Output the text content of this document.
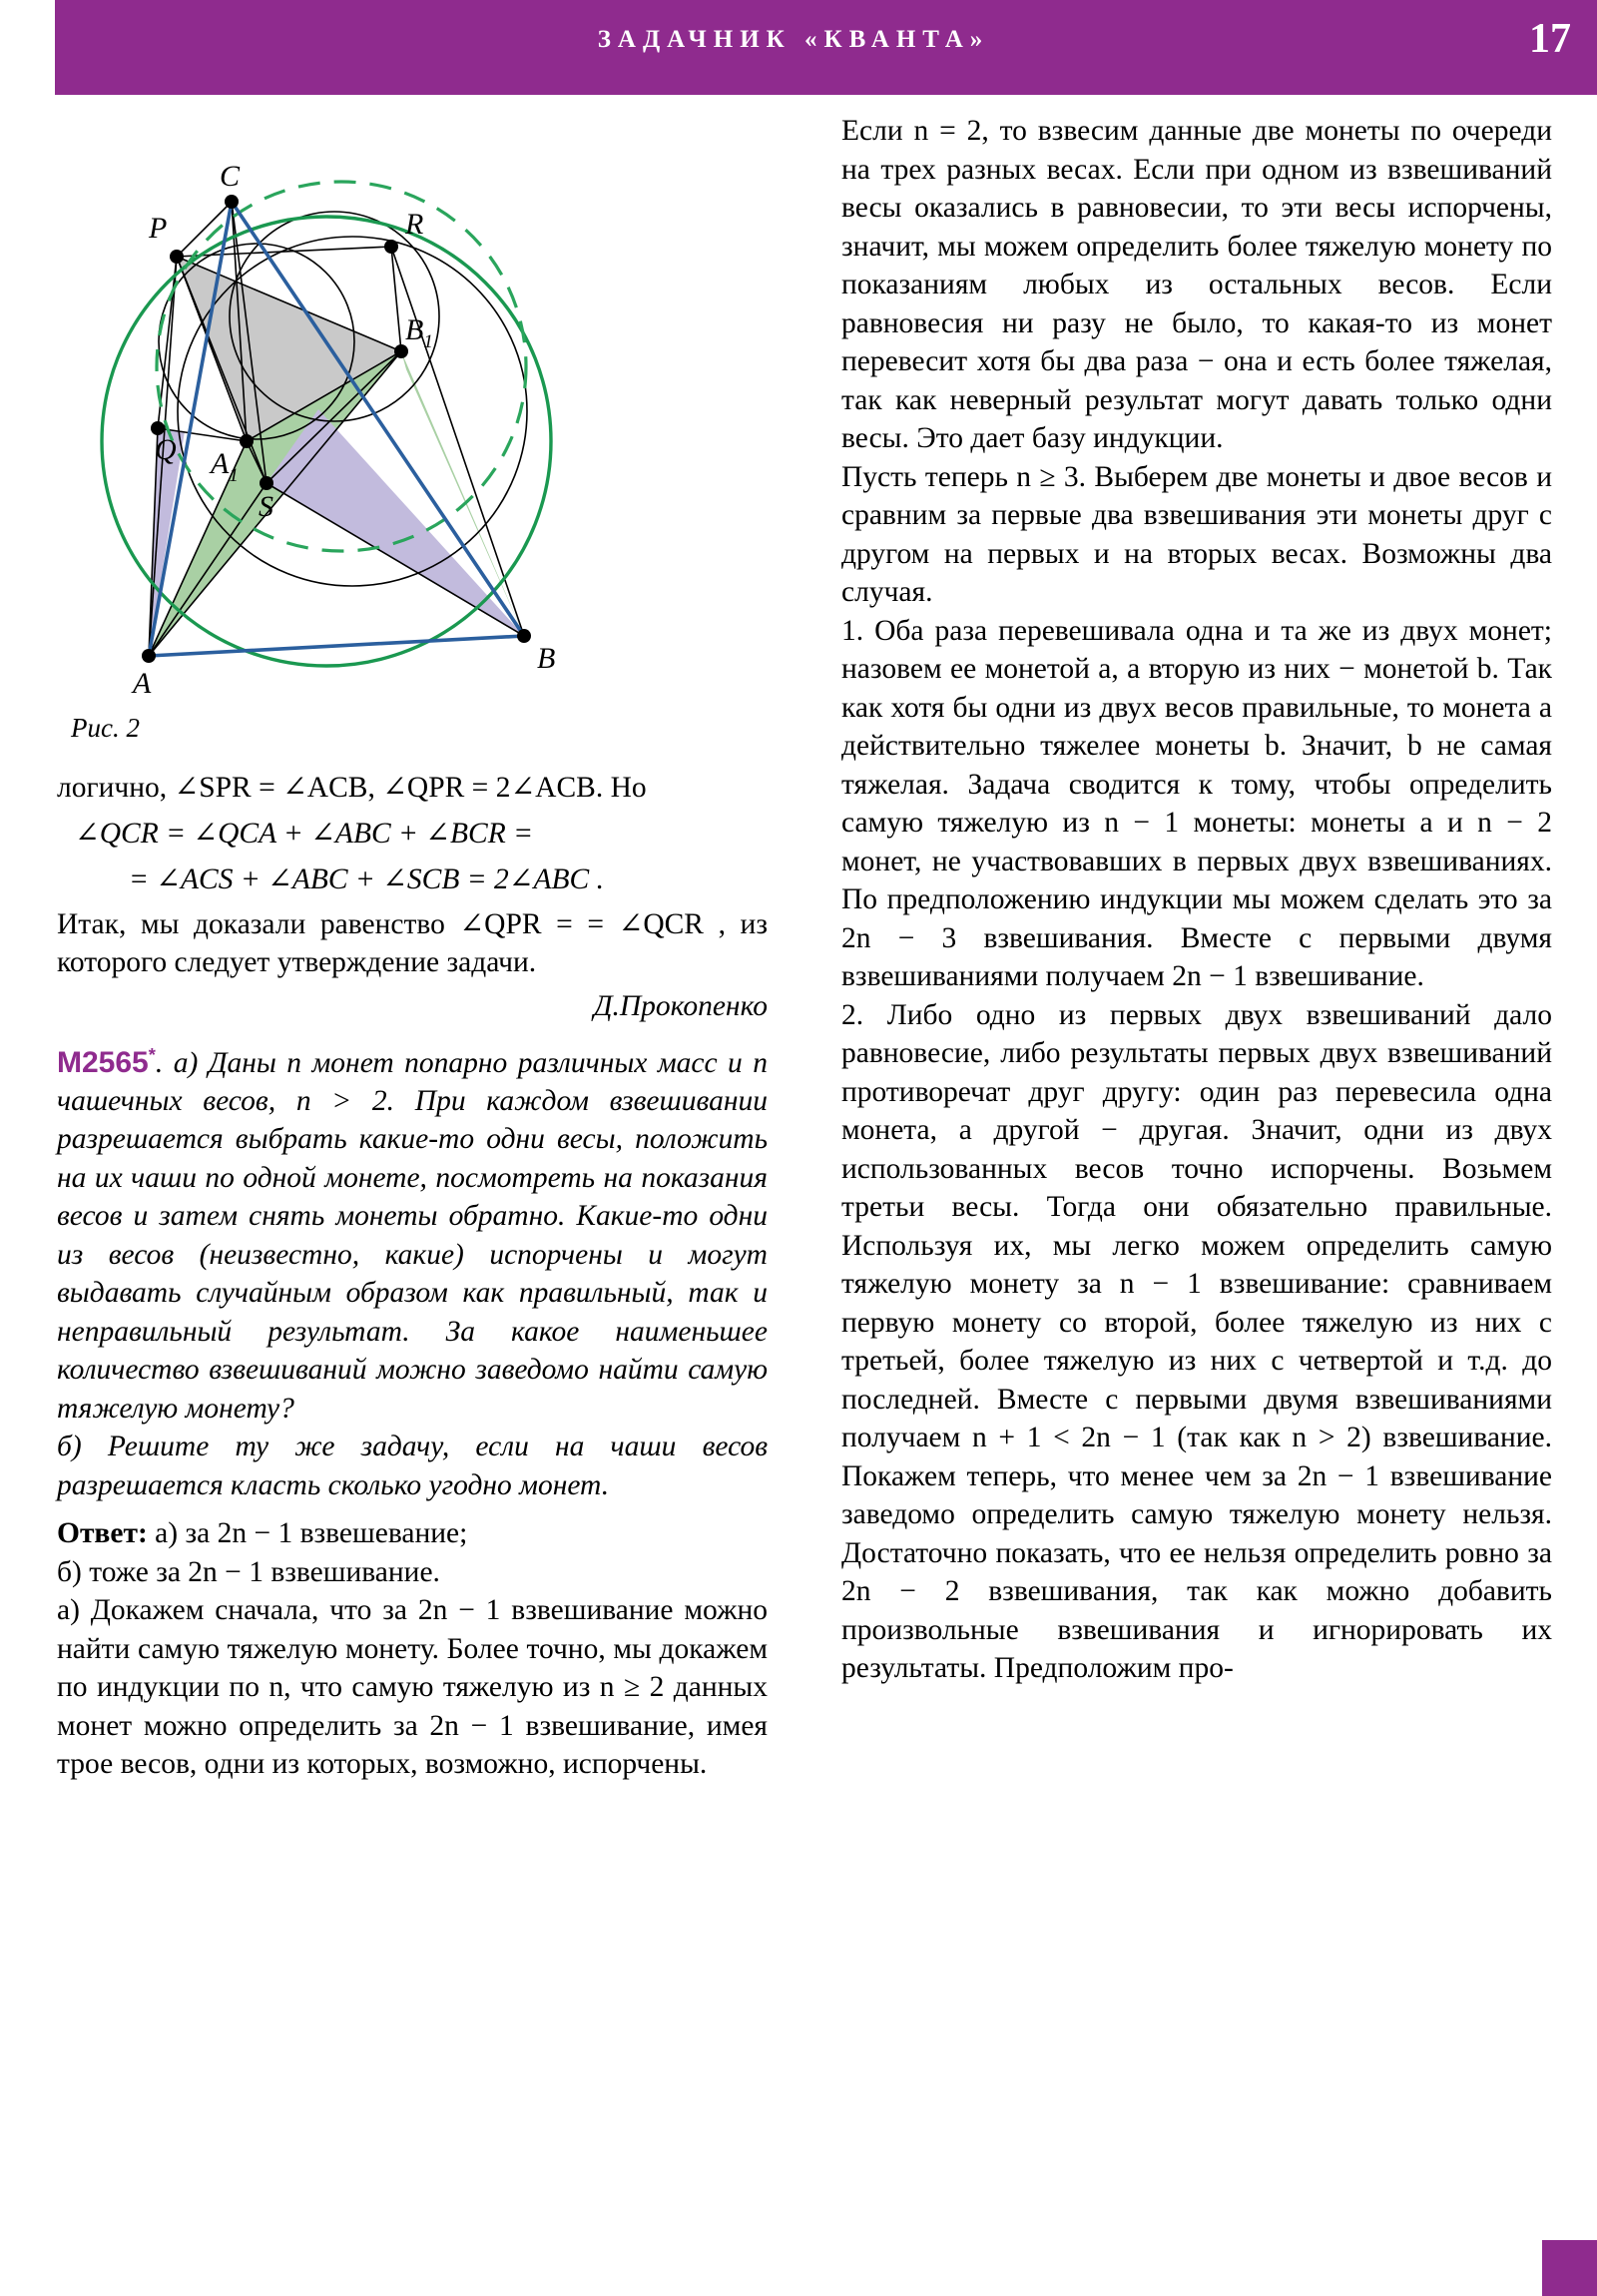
ЗАДАЧНИК «КВАНТА»	17
C
P	R
$B_1$
Q $A_1$
S
A
B
Рис. 2

логично, ∠SPR = ∠ACB, ∠QPR = 2∠ACB. Но

∠QCR = ∠QCA + ∠ABC + ∠BCR =
= ∠ACS + ∠ABC + ∠SCB = 2∠ABC .

Итак, мы доказали равенство ∠QPR = = ∠QCR , из которого следует утверждение задачи.

Д.Прокопенко

M2565*. а) Даны n монет попарно различных масс и n чашечных весов, n > 2. При каждом взвешивании разрешается выбрать какие-то одни весы, положить на их чаши по одной монете, посмотреть на показания весов и затем снять монеты обратно. Какие-то одни из весов (неизвестно, какие) испорчены и могут выдавать случайным образом как правильный, так и неправильный результат. За какое наименьшее количество взвешиваний можно заведомо найти самую тяжелую монету?

б) Решите ту же задачу, если на чаши весов разрешается класть сколько угодно монет.

Ответ: а) за 2n − 1 взвешевание;

б) тоже за 2n − 1 взвешивание.

а) Докажем сначала, что за 2n − 1 взвешивание можно найти самую тяжелую монету. Более точно, мы докажем по индукции по n, что самую тяжелую из n ≥ 2 данных монет можно определить за 2n − 1 взвешивание, имея трое весов, одни из которых, возможно, испорчены.

Если n = 2, то взвесим данные две монеты по очереди на трех разных весах. Если при одном из взвешиваний весы оказались в равновесии, то эти весы испорчены, значит, мы можем определить более тяжелую монету по показаниям любых из остальных весов. Если равновесия ни разу не было, то какая-то из монет перевесит хотя бы два раза − она и есть более тяжелая, так как неверный результат могут давать только одни весы. Это дает базу индукции.

Пусть теперь n ≥ 3. Выберем две монеты и двое весов и сравним за первые два взвешивания эти монеты друг с другом на первых и на вторых весах. Возможны два случая.

1. Оба раза перевешивала одна и та же из двух монет; назовем ее монетой a, а вторую из них − монетой b. Так как хотя бы одни из двух весов правильные, то монета a действительно тяжелее монеты b. Значит, b не самая тяжелая. Задача сводится к тому, чтобы определить самую тяжелую из n − 1 монеты: монеты a и n − 2 монет, не участвовавших в первых двух взвешиваниях. По предположению индукции мы можем сделать это за 2n − 3 взвешивания. Вместе с первыми двумя взвешиваниями получаем 2n − 1 взвешивание.

2. Либо одно из первых двух взвешиваний дало равновесие, либо результаты первых двух взвешиваний противоречат друг другу: один раз перевесила одна монета, а другой − другая. Значит, одни из двух использованных весов точно испорчены. Возьмем третьи весы. Тогда они обязательно правильные. Используя их, мы легко можем определить самую тяжелую монету за n − 1 взвешивание: сравниваем первую монету со второй, более тяжелую из них с третьей, более тяжелую из них с четвертой и т.д. до последней. Вместе с первыми двумя взвешиваниями получаем n + 1 < 2n − 1 (так как n > 2) взвешивание. Покажем теперь, что менее чем за 2n − 1 взвешивание заведомо определить самую тяжелую монету нельзя. Достаточно показать, что ее нельзя определить ровно за 2n − 2 взвешивания, так как можно добавить произвольные взвешивания и игнорировать их результаты. Предположим про-
